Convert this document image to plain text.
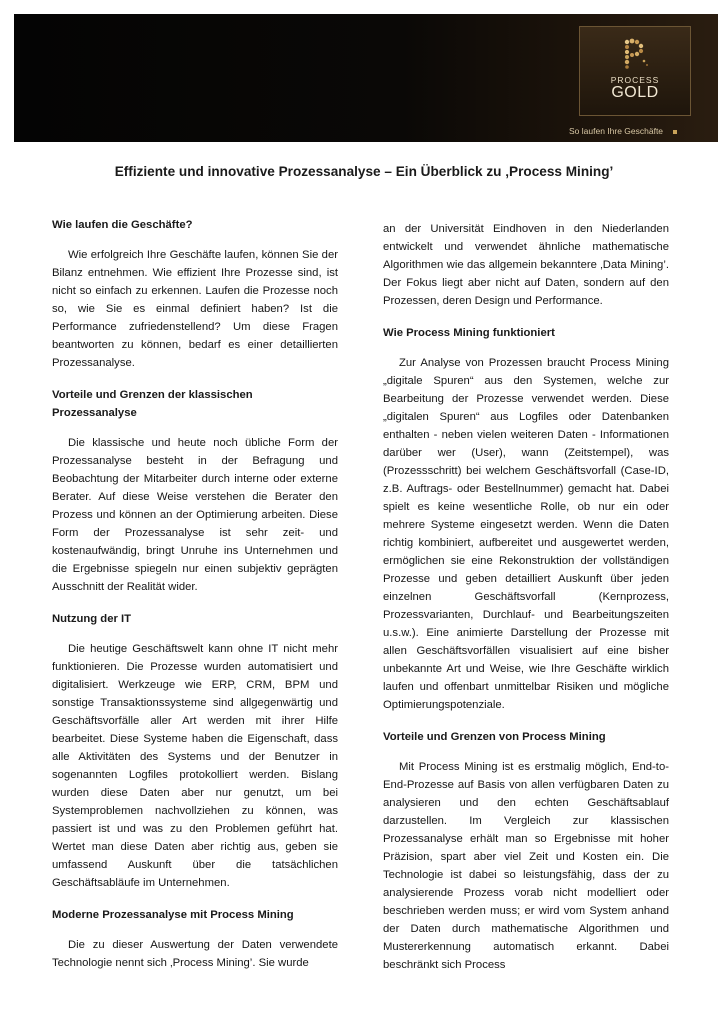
PROCESS
GOLD
So laufen Ihre Geschäfte
Effiziente und innovative Prozessanalyse – Ein Überblick zu ‚Process Mining’
Wie laufen die Geschäfte?

Wie erfolgreich Ihre Geschäfte laufen, können Sie der Bilanz entnehmen. Wie effizient Ihre Prozesse sind, ist nicht so einfach zu erkennen. Laufen die Prozesse noch so, wie Sie es einmal definiert haben? Ist die Performance zufriedenstellend? Um diese Fragen beantworten zu können, bedarf es einer detaillierten Prozessanalyse.

Vorteile und Grenzen der klassischen Prozessanalyse

Die klassische und heute noch übliche Form der Prozessanalyse besteht in der Befragung und Beobachtung der Mitarbeiter durch interne oder externe Berater. Auf diese Weise verstehen die Berater den Prozess und können an der Optimierung arbeiten. Diese Form der Prozessanalyse ist sehr zeit- und kostenaufwändig, bringt Unruhe ins Unternehmen und die Ergebnisse spiegeln nur einen subjektiv geprägten Ausschnitt der Realität wider.

Nutzung der IT

Die heutige Geschäftswelt kann ohne IT nicht mehr funktionieren. Die Prozesse wurden automatisiert und digitalisiert. Werkzeuge wie ERP, CRM, BPM und sonstige Transaktionssysteme sind allgegenwärtig und Geschäftsvorfälle aller Art werden mit ihrer Hilfe bearbeitet. Diese Systeme haben die Eigenschaft, dass alle Aktivitäten des Systems und der Benutzer in sogenannten Logfiles protokolliert werden. Bislang wurden diese Daten aber nur genutzt, um bei Systemproblemen nachvollziehen zu können, was passiert ist und was zu den Problemen geführt hat. Wertet man diese Daten aber richtig aus, geben sie umfassend Auskunft über die tatsächlichen Geschäftsabläufe im Unternehmen.

Moderne Prozessanalyse mit Process Mining

Die zu dieser Auswertung der Daten verwendete Technologie nennt sich ‚Process Mining’. Sie wurde

an der Universität Eindhoven in den Niederlanden entwickelt und verwendet ähnliche mathematische Algorithmen wie das allgemein bekanntere ‚Data Mining’. Der Fokus liegt aber nicht auf Daten, sondern auf den Prozessen, deren Design und Performance.

Wie Process Mining funktioniert

Zur Analyse von Prozessen braucht Process Mining „digitale Spuren“ aus den Systemen, welche zur Bearbeitung der Prozesse verwendet werden. Diese „digitalen Spuren“ aus Logfiles oder Datenbanken enthalten - neben vielen weiteren Daten - Informationen darüber wer (User), wann (Zeitstempel), was (Prozessschritt) bei welchem Geschäftsvorfall (Case-ID, z.B. Auftrags- oder Bestellnummer) gemacht hat. Dabei spielt es keine wesentliche Rolle, ob nur ein oder mehrere Systeme eingesetzt werden. Wenn die Daten richtig kombiniert, aufbereitet und ausgewertet werden, ermöglichen sie eine Rekonstruktion der vollständigen Prozesse und geben detailliert Auskunft über jeden einzelnen Geschäftsvorfall (Kernprozess, Prozessvarianten, Durchlauf- und Bearbeitungszeiten u.s.w.). Eine animierte Darstellung der Prozesse mit allen Geschäftsvorfällen visualisiert auf eine bisher unbekannte Art und Weise, wie Ihre Geschäfte wirklich laufen und offenbart unmittelbar Risiken und mögliche Optimierungspotenziale.

Vorteile und Grenzen von Process Mining

Mit Process Mining ist es erstmalig möglich, End-to-End-Prozesse auf Basis von allen verfügbaren Daten zu analysieren und den echten Geschäftsablauf darzustellen. Im Vergleich zur klassischen Prozessanalyse erhält man so Ergebnisse mit hoher Präzision, spart aber viel Zeit und Kosten ein. Die Technologie ist dabei so leistungsfähig, dass der zu analysierende Prozess vorab nicht modelliert oder beschrieben werden muss; er wird vom System anhand der Daten durch mathematische Algorithmen und Mustererkennung automatisch erkannt. Dabei beschränkt sich Process
